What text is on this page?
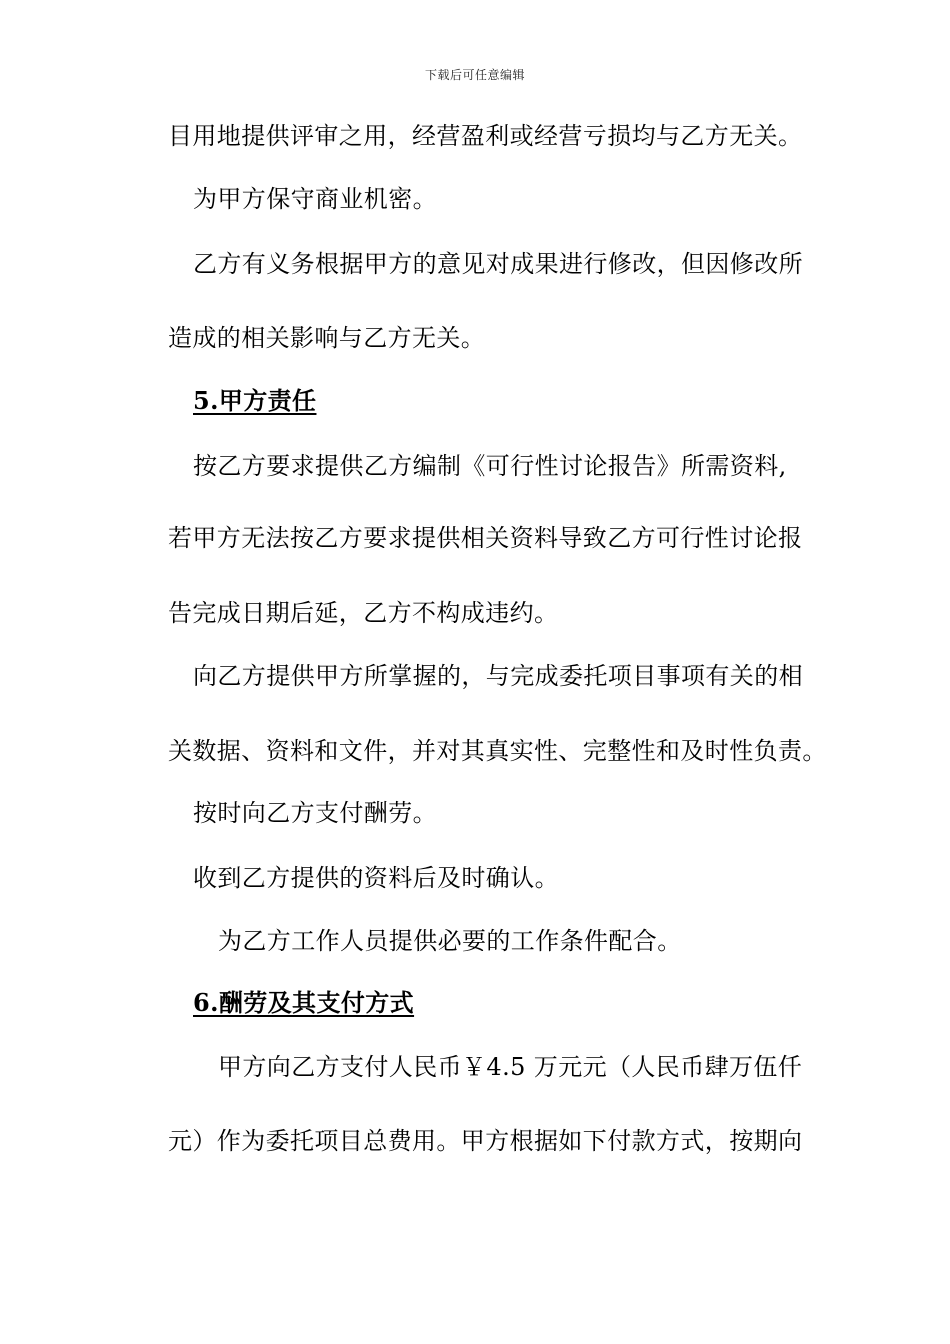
下载后可任意编辑
目用地提供评审之用，经营盈利或经营亏损均与乙方无关。
为甲方保守商业机密。
乙方有义务根据甲方的意见对成果进行修改，但因修改所
造成的相关影响与乙方无关。
5.甲方责任
按乙方要求提供乙方编制《可行性讨论报告》所需资料,
若甲方无法按乙方要求提供相关资料导致乙方可行性讨论报
告完成日期后延，乙方不构成违约。
向乙方提供甲方所掌握的，与完成委托项目事项有关的相
关数据、资料和文件，并对其真实性、完整性和及时性负责。
按时向乙方支付酬劳。
收到乙方提供的资料后及时确认。
为乙方工作人员提供必要的工作条件配合。
6.酬劳及其支付方式
甲方向乙方支付人民币￥4.5 万元元（人民币肆万伍仟
元）作为委托项目总费用。甲方根据如下付款方式，按期向
